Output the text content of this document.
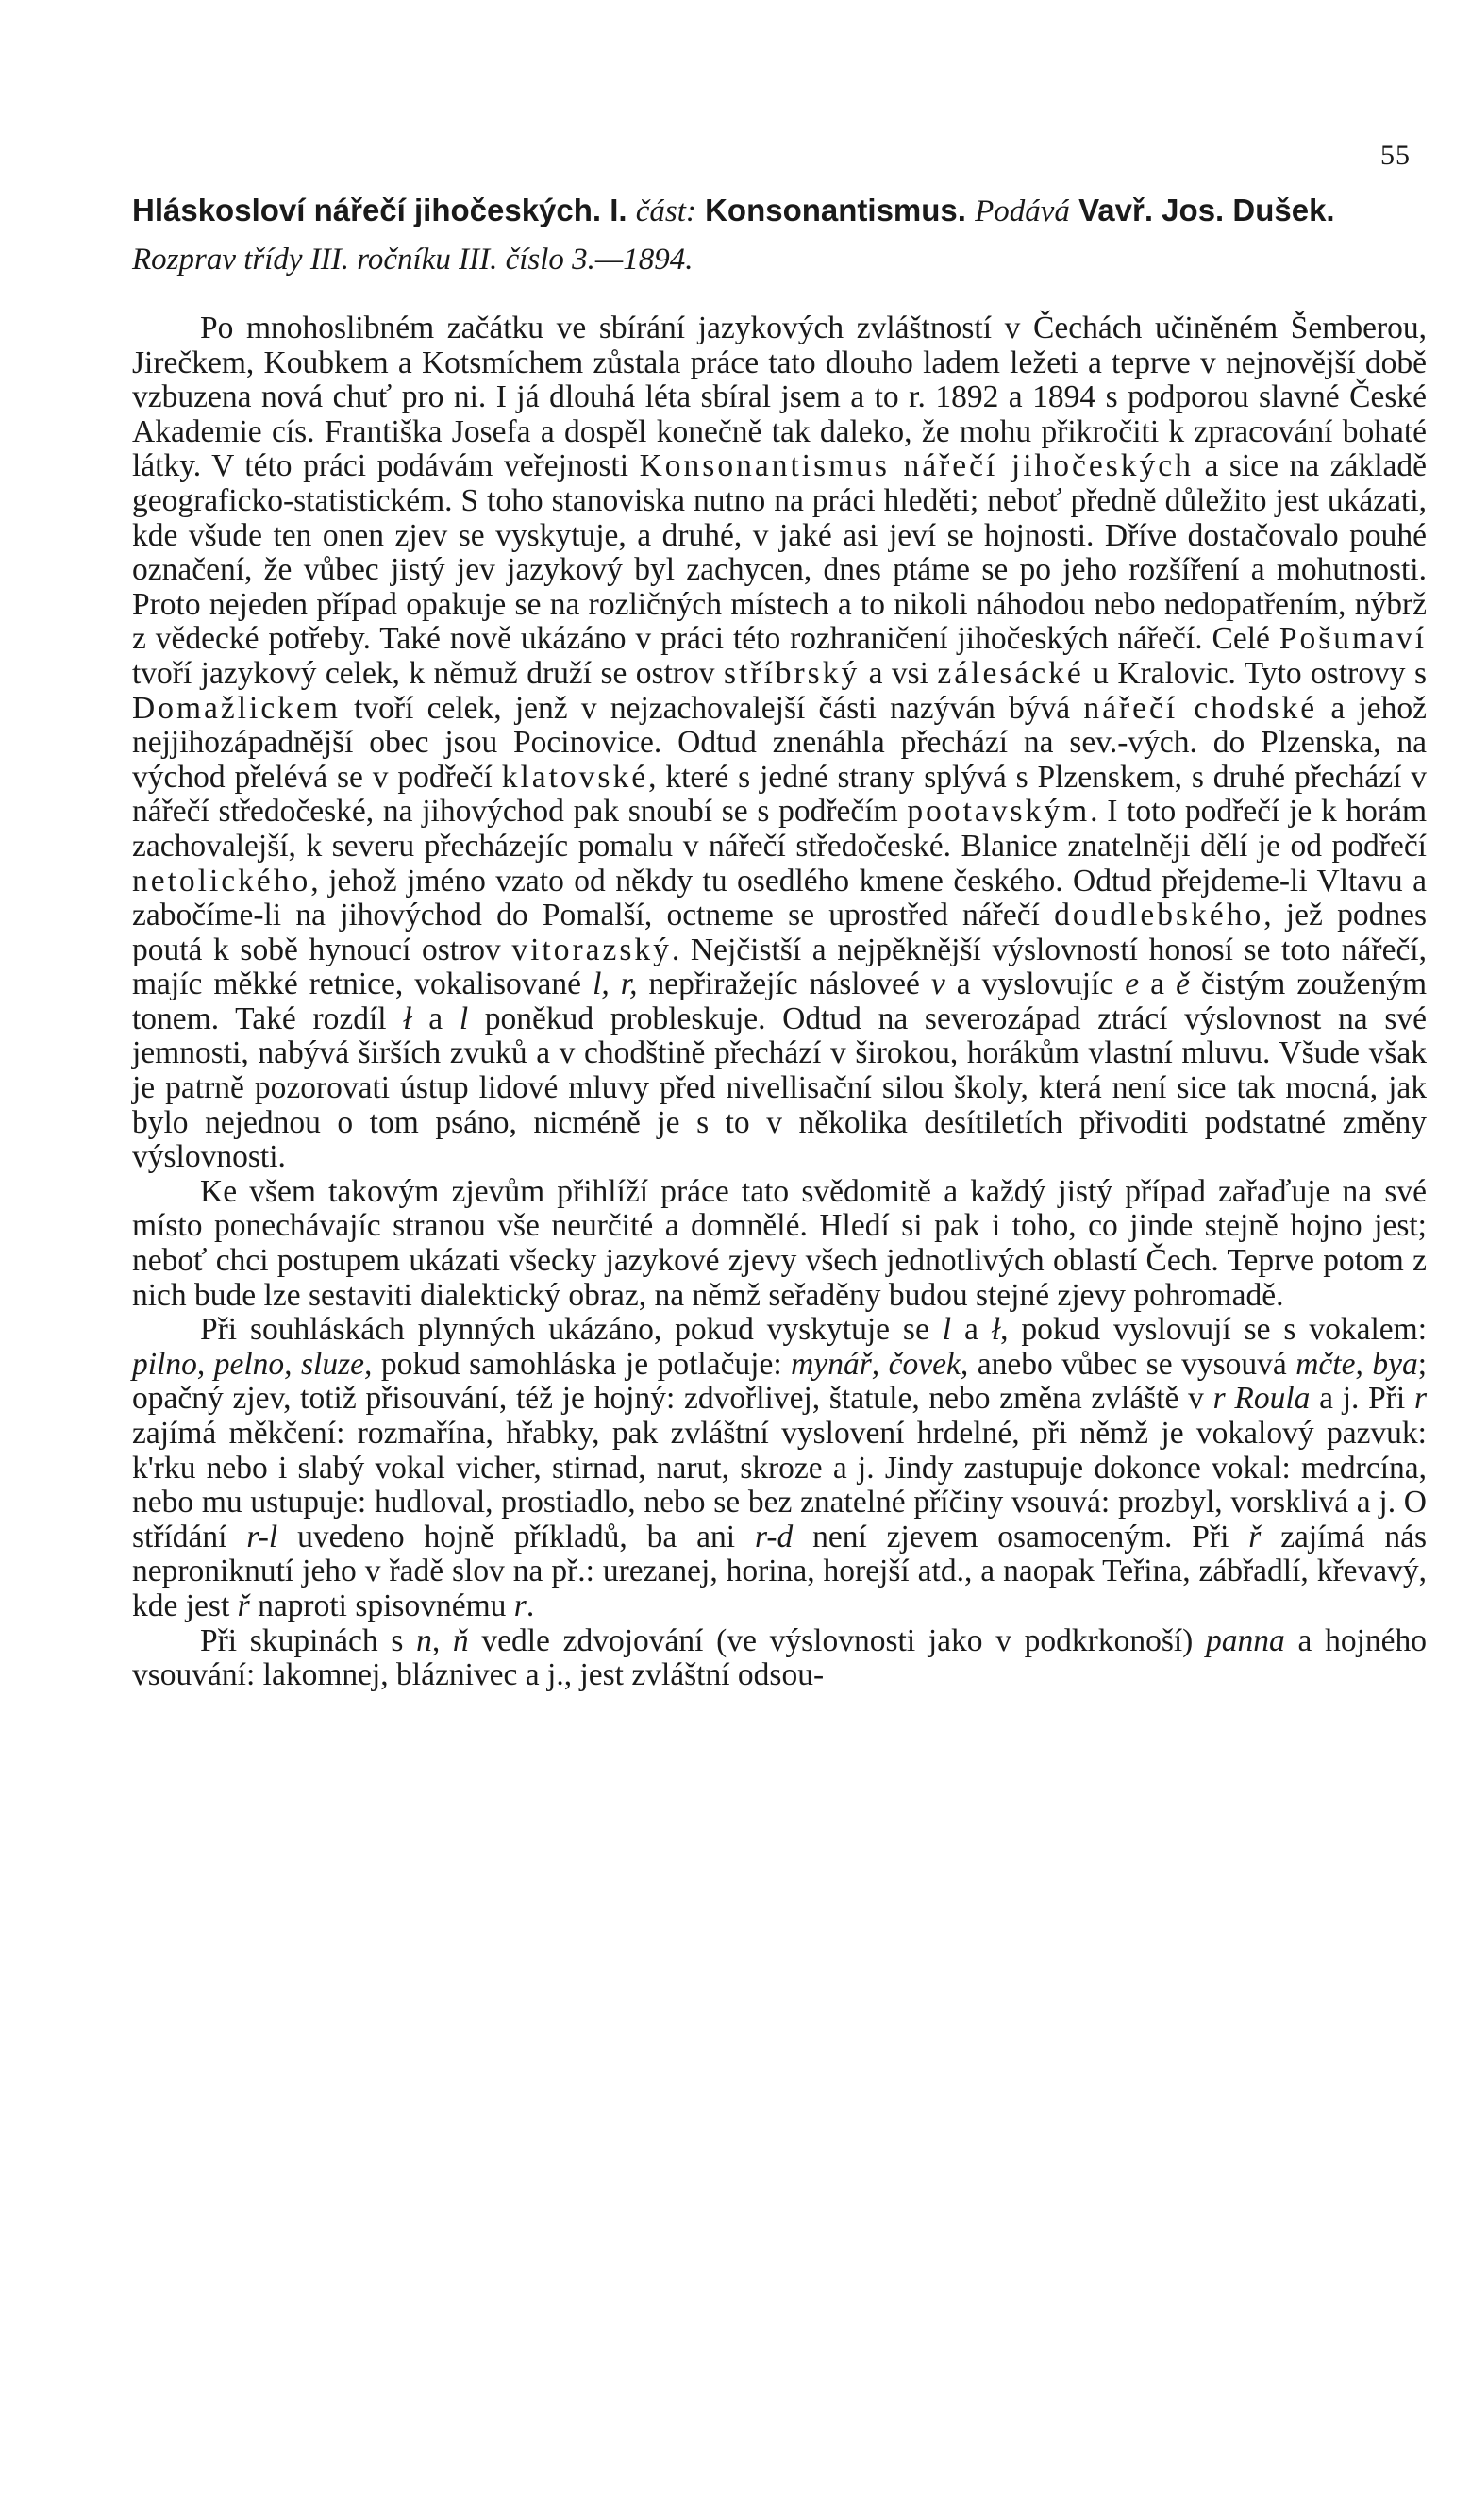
55
Hláskosloví nářečí jihočeských. I. část: Konsonantismus. Podává Vavř. Jos. Dušek. Rozprav třídy III. ročníku III. číslo 3.—1894.

Po mnohoslibném začátku ve sbírání jazykových zvláštností v Čechách učiněném Šemberou, Jirečkem, Koubkem a Kotsmíchem zůstala práce tato dlouho ladem ležeti a teprve v nejnovější době vzbuzena nová chuť pro ni. I já dlouhá léta sbíral jsem a to r. 1892 a 1894 s podporou slavné České Akademie cís. Františka Josefa a dospěl konečně tak daleko, že mohu přikročiti k zpracování bohaté látky. V této práci podávám veřejnosti Konsonantismus nářečí jihočeských a sice na základě geograficko-statistickém. S toho stanoviska nutno na práci hleděti; neboť předně důležito jest ukázati, kde všude ten onen zjev se vyskytuje, a druhé, v jaké asi jeví se hojnosti. Dříve dostačovalo pouhé označení, že vůbec jistý jev jazykový byl zachycen, dnes ptáme se po jeho rozšíření a mohutnosti. Proto nejeden případ opakuje se na rozličných místech a to nikoli náhodou nebo nedopatřením, nýbrž z vědecké potřeby. Také nově ukázáno v práci této rozhraničení jihočeských nářečí. Celé Pošumaví tvoří jazykový celek, k němuž druží se ostrov stříbrský a vsi zálesácké u Kralovic. Tyto ostrovy s Domažlickem tvoří celek, jenž v nejzachovalejší části nazýván bývá nářečí chodské a jehož nejjihozápadnější obec jsou Pocinovice. Odtud znenáhla přechází na sev.-vých. do Plzenska, na východ přelévá se v podřečí klatovské, které s jedné strany splývá s Plzenskem, s druhé přechází v nářečí středočeské, na jihovýchod pak snoubí se s podřečím pootavským. I toto podřečí je k horám zachovalejší, k severu přecházejíc pomalu v nářečí středočeské. Blanice znatelněji dělí je od podřečí netolického, jehož jméno vzato od někdy tu osedlého kmene českého. Odtud přejdeme-li Vltavu a zabočíme-li na jihovýchod do Pomalší, octneme se uprostřed nářečí doudlebského, jež podnes poutá k sobě hynoucí ostrov vitorazský. Nejčistší a nejpěknější výslovností honosí se toto nářečí, majíc měkké retnice, vokalisované l, r, nepřiražejíc násloveé v a vyslovujíc e a ě čistým zouženým tonem. Také rozdíl ł a l poněkud probleskuje. Odtud na severozápad ztrácí výslovnost na své jemnosti, nabývá širších zvuků a v chodštině přechází v širokou, horákům vlastní mluvu. Všude však je patrně pozorovati ústup lidové mluvy před nivellisační silou školy, která není sice tak mocná, jak bylo nejednou o tom psáno, nicméně je s to v několika desítiletích přivoditi podstatné změny výslovnosti.

Ke všem takovým zjevům přihlíží práce tato svědomitě a každý jistý případ zařaďuje na své místo ponechávajíc stranou vše neurčité a domnělé. Hledí si pak i toho, co jinde stejně hojno jest; neboť chci postupem ukázati všecky jazykové zjevy všech jednotlivých oblastí Čech. Teprve potom z nich bude lze sestaviti dialektický obraz, na němž seřaděny budou stejné zjevy pohromadě.

Při souhláskách plynných ukázáno, pokud vyskytuje se l a ł, pokud vyslovují se s vokalem: pilno, pelno, sluze, pokud samohláska je potlačuje: mynář, čovek, anebo vůbec se vysouvá mčte, bya; opačný zjev, totiž přisouvání, též je hojný: zdvořlivej, štatule, nebo změna zvláště v r Roula a j. Při r zajímá měkčení: rozmařína, hřabky, pak zvláštní vyslovení hrdelné, při němž je vokalový pazvuk: k'rku nebo i slabý vokal vicher, stirnad, narut, skroze a j. Jindy zastupuje dokonce vokal: medrcína, nebo mu ustupuje: hudloval, prostiadlo, nebo se bez znatelné příčiny vsouvá: prozbyl, vorsklivá a j. O střídání r-l uvedeno hojně příkladů, ba ani r-d není zjevem osamoceným. Při ř zajímá nás neproniknutí jeho v řadě slov na př.: urezanej, horina, horejší atd., a naopak Teřina, zábřadlí, křevavý, kde jest ř naproti spisovnému r.

Při skupinách s n, ň vedle zdvojování (ve výslovnosti jako v podkrkonoší) panna a hojného vsouvání: lakomnej, bláznivec a j., jest zvláštní odsou-
